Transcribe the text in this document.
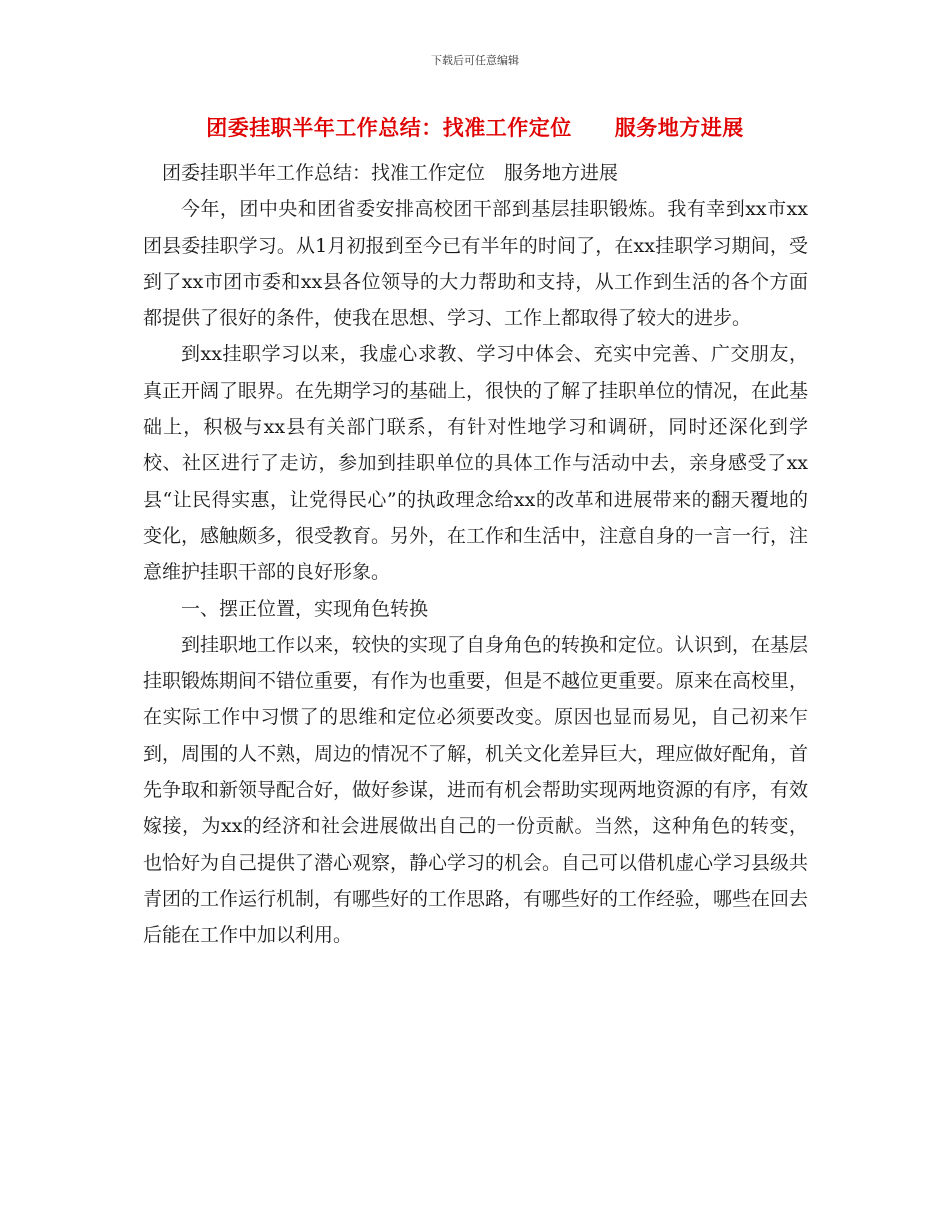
下载后可任意编辑
团委挂职半年工作总结：找准工作定位　　服务地方进展

团委挂职半年工作总结：找准工作定位　服务地方进展

今年，团中央和团省委安排高校团干部到基层挂职锻炼。我有幸到xx市xx团县委挂职学习。从1月初报到至今已有半年的时间了，在xx挂职学习期间，受到了xx市团市委和xx县各位领导的大力帮助和支持，从工作到生活的各个方面都提供了很好的条件，使我在思想、学习、工作上都取得了较大的进步。

到xx挂职学习以来，我虚心求教、学习中体会、充实中完善、广交朋友，真正开阔了眼界。在先期学习的基础上，很快的了解了挂职单位的情况，在此基础上，积极与xx县有关部门联系，有针对性地学习和调研，同时还深化到学校、社区进行了走访，参加到挂职单位的具体工作与活动中去，亲身感受了xx县“让民得实惠，让党得民心”的执政理念给xx的改革和进展带来的翻天覆地的变化，感触颇多，很受教育。另外，在工作和生活中，注意自身的一言一行，注意维护挂职干部的良好形象。

一、摆正位置，实现角色转换

到挂职地工作以来，较快的实现了自身角色的转换和定位。认识到，在基层挂职锻炼期间不错位重要，有作为也重要，但是不越位更重要。原来在高校里，在实际工作中习惯了的思维和定位必须要改变。原因也显而易见，自己初来乍到，周围的人不熟，周边的情况不了解，机关文化差异巨大，理应做好配角，首先争取和新领导配合好，做好参谋，进而有机会帮助实现两地资源的有序，有效嫁接，为xx的经济和社会进展做出自己的一份贡献。当然，这种角色的转变，也恰好为自己提供了潜心观察，静心学习的机会。自己可以借机虚心学习县级共青团的工作运行机制，有哪些好的工作思路，有哪些好的工作经验，哪些在回去后能在工作中加以利用。
